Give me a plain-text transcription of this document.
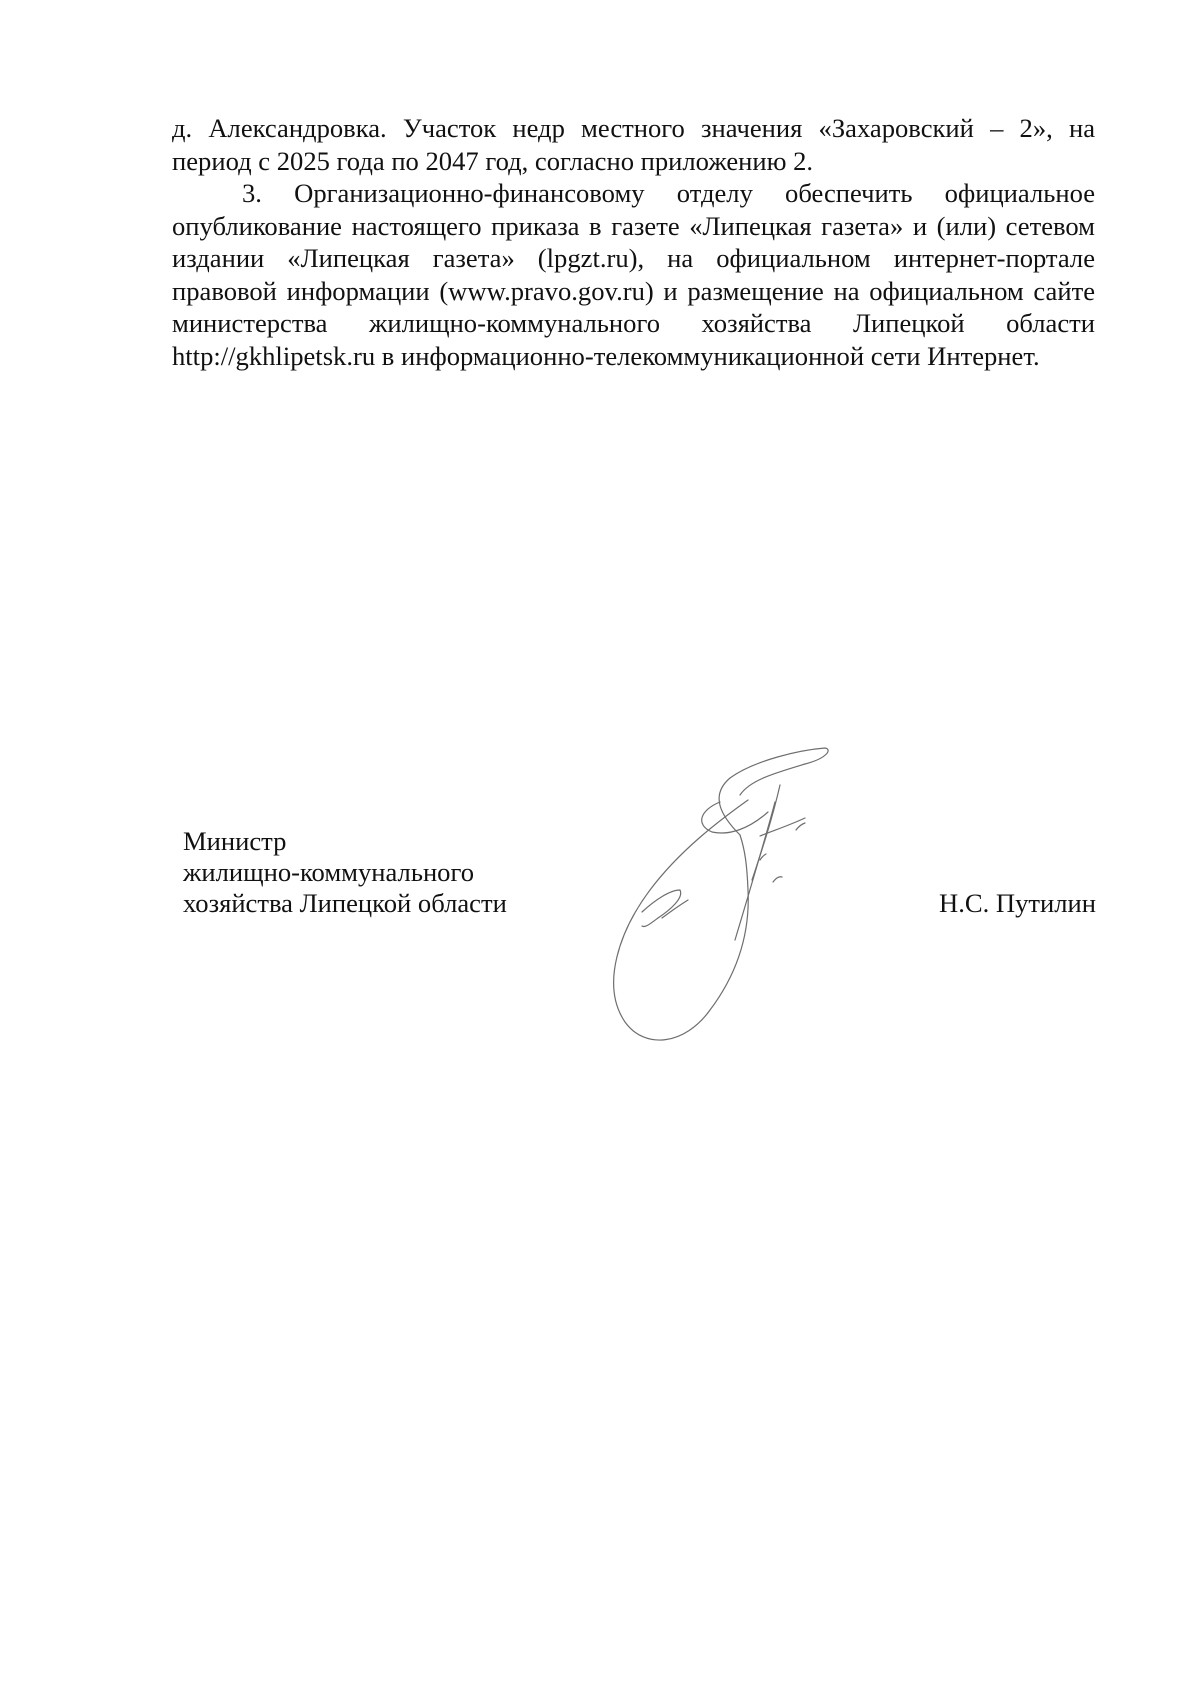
д. Александровка. Участок недр местного значения «Захаровский – 2», на период с 2025 года по 2047 год, согласно приложению 2.

3. Организационно-финансовому отделу обеспечить официальное опубликование настоящего приказа в газете «Липецкая газета» и (или) сетевом издании «Липецкая газета» (lpgzt.ru), на официальном интернет-портале правовой информации (www.pravo.gov.ru) и размещение на официальном сайте министерства жилищно-коммунального хозяйства Липецкой области http://gkhlipetsk.ru в информационно-телекоммуникационной сети Интернет.

Министр
жилищно-коммунального
хозяйства Липецкой области	Н.С. Путилин
